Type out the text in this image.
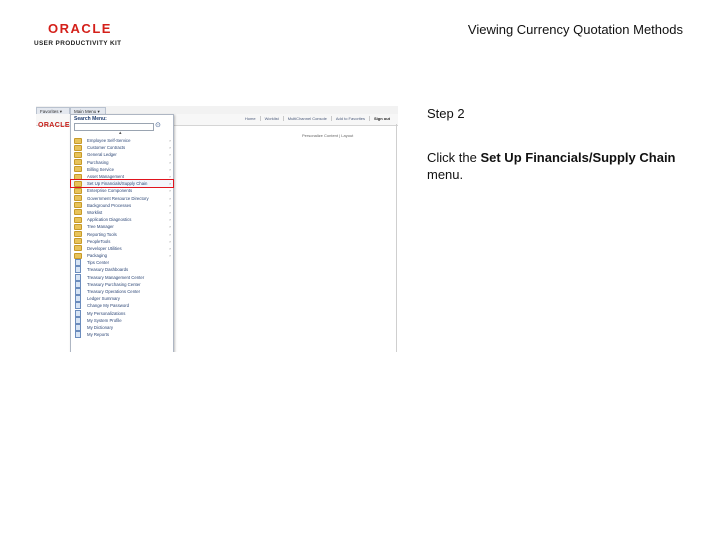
ORACLE
USER PRODUCTIVITY KIT
Viewing Currency Quotation Methods
Favorites ▾	Main Menu ▾
Home	Worklist	MultiChannel Console	Add to Favorites	Sign out
ORACLE
Personalize Content | Layout
Search Menu:
⊙
▴
Employee Self-Service	›
Customer Contracts	›
General Ledger	›
Purchasing	›
Billing Service	›
Asset Management	›
Set Up Financials/Supply Chain	›
Enterprise Components	›
Government Resource Directory	›
Background Processes	›
Worklist	›
Application Diagnostics	›
Tree Manager	›
Reporting Tools	›
PeopleTools	›
Developer Utilities	›
Packaging	›
Tips Center
Treasury Dashboards
Treasury Management Center
Treasury Purchasing Center
Treasury Operations Center
Ledger Summary
Change My Password
My Personalizations
My System Profile
My Dictionary
My Reports
Step 2
Click the Set Up Financials/Supply Chain menu.
